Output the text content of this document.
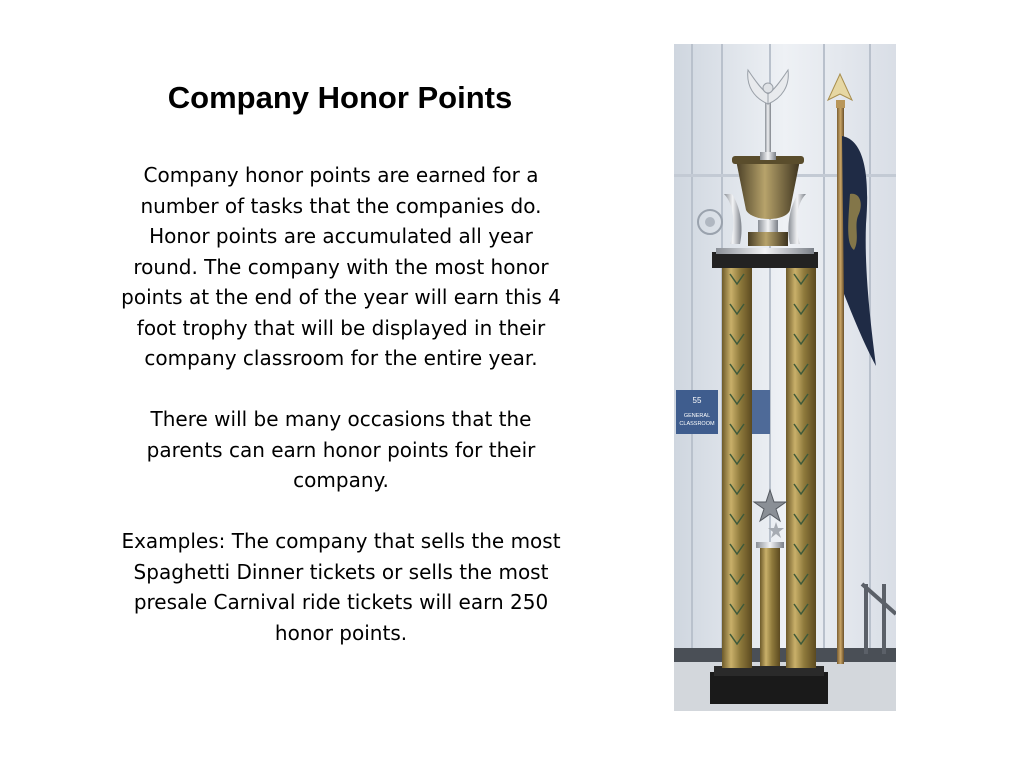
Company Honor Points

Company honor points are earned for a number of tasks that the companies do. Honor points are accumulated all year round. The company with the most honor points at the end of the year will earn this 4 foot trophy that will be displayed in their company classroom for the entire year.

There will be many occasions that the parents can earn honor points for their company.

Examples: The company that sells the most Spaghetti Dinner tickets or sells the most presale Carnival ride tickets will earn 250 honor points.

55
GENERAL
CLASSROOM
